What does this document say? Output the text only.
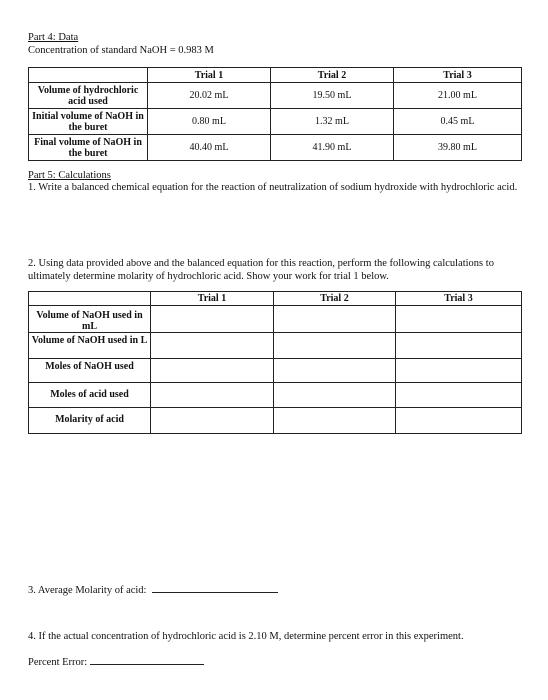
Part 4: Data
Concentration of standard NaOH = 0.983 M
	Trial 1	Trial 2	Trial 3
Volume of hydrochloric acid used	20.02 mL	19.50 mL	21.00 mL
Initial volume of NaOH in the buret	0.80 mL	1.32 mL	0.45 mL
Final volume of NaOH in the buret	40.40 mL	41.90 mL	39.80 mL
Part 5: Calculations
1. Write a balanced chemical equation for the reaction of neutralization of sodium hydroxide with hydrochloric acid.
2. Using data provided above and the balanced equation for this reaction, perform the following calculations to ultimately determine molarity of hydrochloric acid. Show your work for trial 1 below.
	Trial 1	Trial 2	Trial 3
Volume of NaOH used in mL			
Volume of NaOH used in L			
Moles of NaOH used			
Moles of acid used			
Molarity of acid			
3. Average Molarity of acid:
4. If the actual concentration of hydrochloric acid is 2.10 M, determine percent error in this experiment.
Percent Error:
